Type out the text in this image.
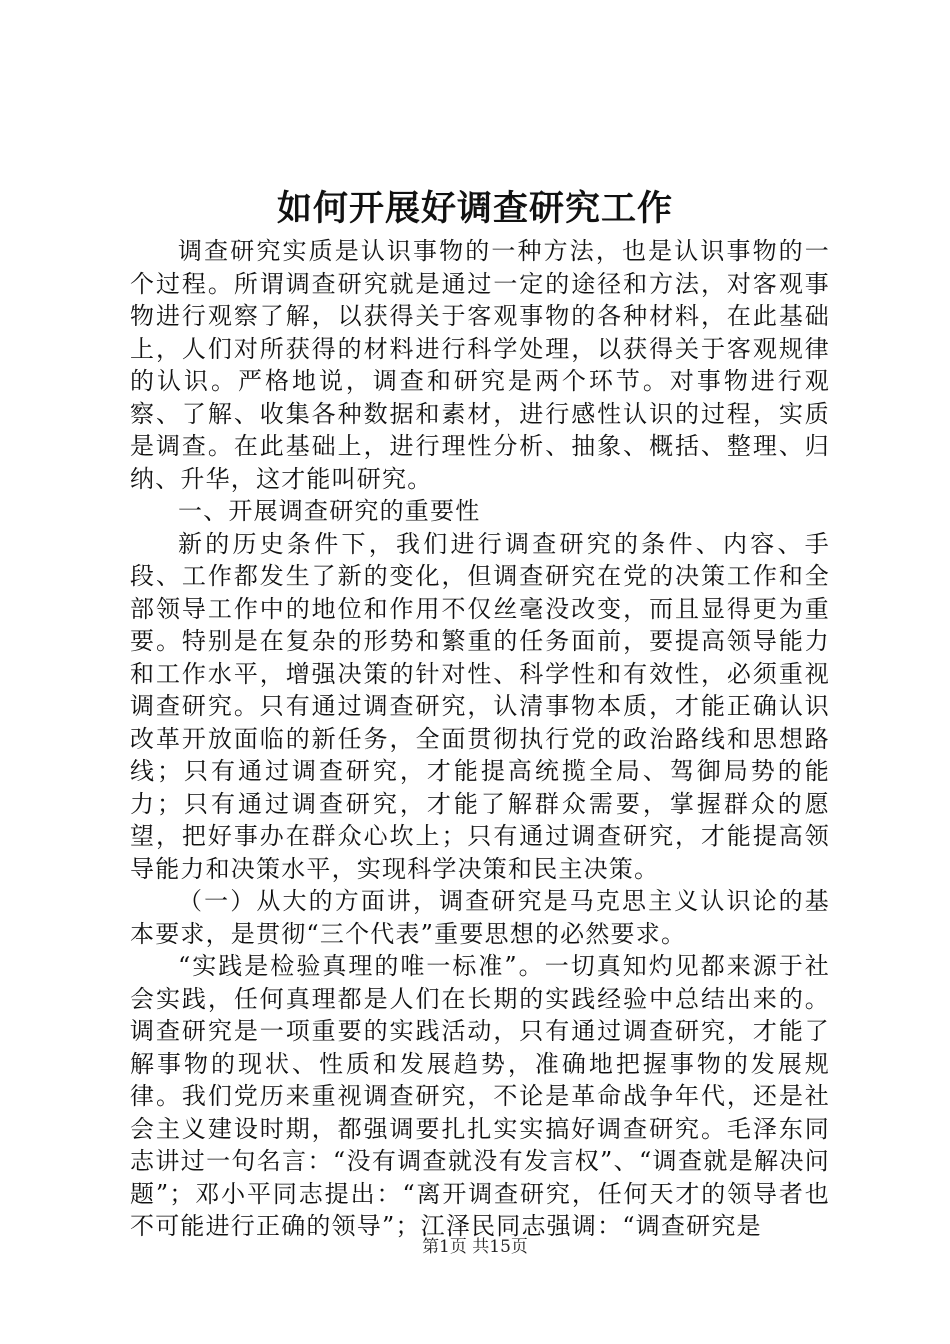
如何开展好调查研究工作

调查研究实质是认识事物的一种方法，也是认识事物的一个过程。所谓调查研究就是通过一定的途径和方法，对客观事物进行观察了解，以获得关于客观事物的各种材料，在此基础上，人们对所获得的材料进行科学处理，以获得关于客观规律的认识。严格地说，调查和研究是两个环节。对事物进行观察、了解、收集各种数据和素材，进行感性认识的过程，实质是调查。在此基础上，进行理性分析、抽象、概括、整理、归纳、升华，这才能叫研究。

一、开展调查研究的重要性

新的历史条件下，我们进行调查研究的条件、内容、手段、工作都发生了新的变化，但调查研究在党的决策工作和全部领导工作中的地位和作用不仅丝毫没改变，而且显得更为重要。特别是在复杂的形势和繁重的任务面前，要提高领导能力和工作水平，增强决策的针对性、科学性和有效性，必须重视调查研究。只有通过调查研究，认清事物本质，才能正确认识改革开放面临的新任务，全面贯彻执行党的政治路线和思想路线；只有通过调查研究，才能提高统揽全局、驾御局势的能力；只有通过调查研究，才能了解群众需要，掌握群众的愿望，把好事办在群众心坎上；只有通过调查研究，才能提高领导能力和决策水平，实现科学决策和民主决策。

（一）从大的方面讲，调查研究是马克思主义认识论的基本要求，是贯彻“三个代表”重要思想的必然要求。

“实践是检验真理的唯一标准”。一切真知灼见都来源于社会实践，任何真理都是人们在长期的实践经验中总结出来的。调查研究是一项重要的实践活动，只有通过调查研究，才能了解事物的现状、性质和发展趋势，准确地把握事物的发展规律。我们党历来重视调查研究，不论是革命战争年代，还是社会主义建设时期，都强调要扎扎实实搞好调查研究。毛泽东同志讲过一句名言：“没有调查就没有发言权”、“调查就是解决问题”；邓小平同志提出：“离开调查研究，任何天才的领导者也不可能进行正确的领导”；江泽民同志强调：“调查研究是

第1页 共15页
